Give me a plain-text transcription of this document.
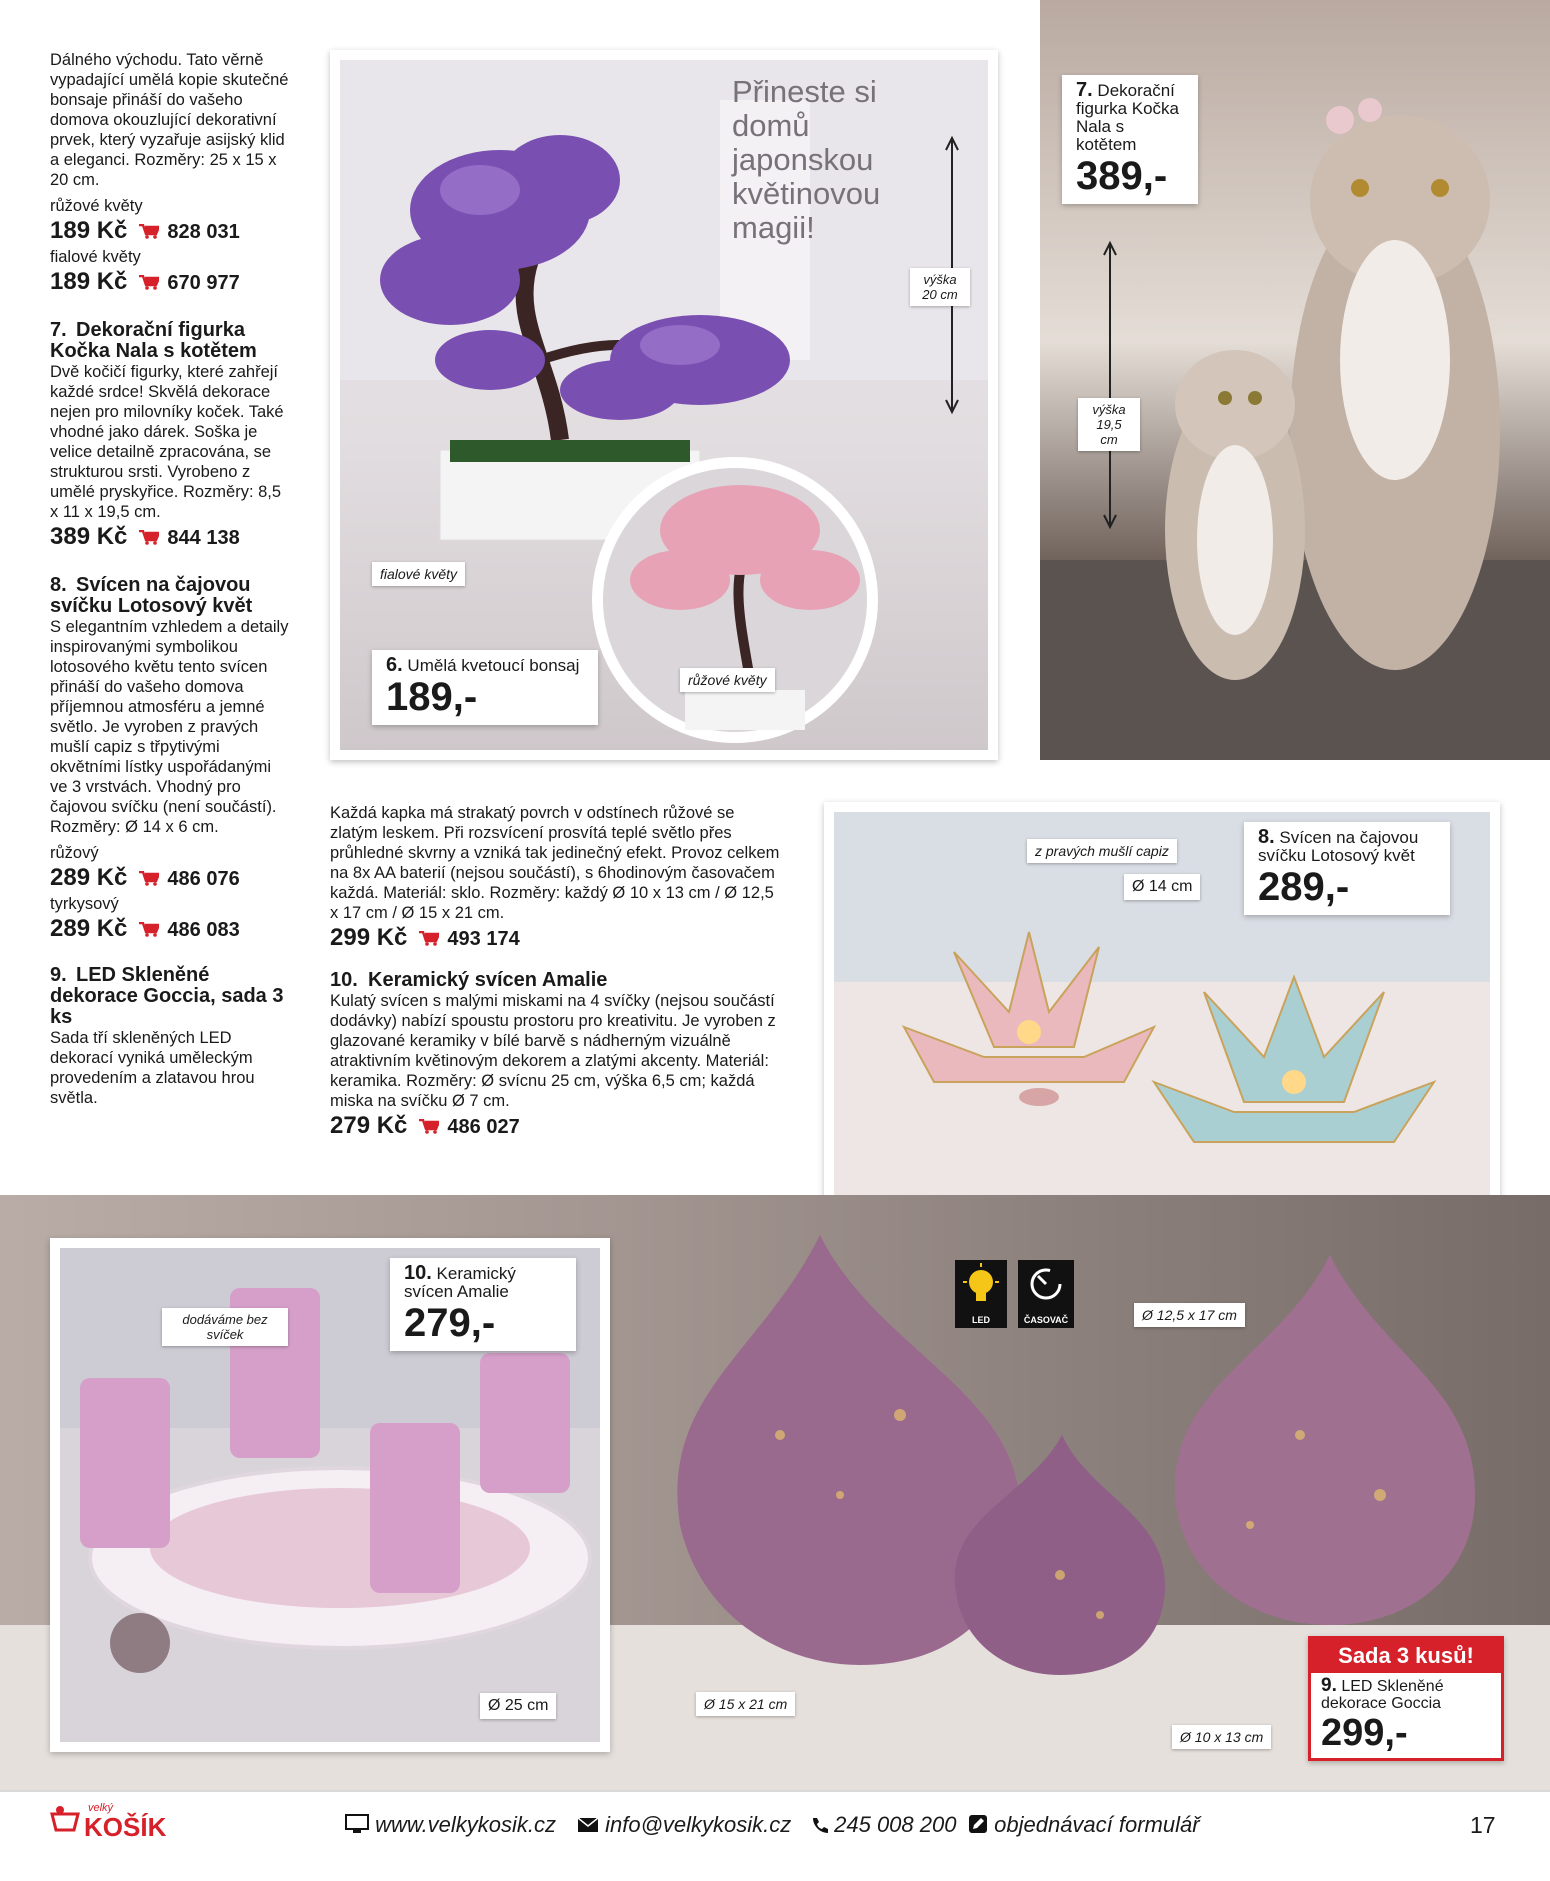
Dálného východu. Tato věrně vypadající umělá kopie skutečné bonsaje přináší do vašeho domova okouzlující dekorativní prvek, který vyzařuje asijský klid a eleganci. Rozměry: 25 x 15 x 20 cm.

růžové květy

189 Kč 828 031

fialové květy

189 Kč 670 977

7. Dekorační figurka Kočka Nala s kotětem

Dvě kočičí figurky, které zahřejí každé srdce! Skvělá dekorace nejen pro milovníky koček. Také vhodné jako dárek. Soška je velice detailně zpracována, se strukturou srsti. Vyrobeno z umělé pryskyřice. Rozměry: 8,5 x 11 x 19,5 cm.

389 Kč 844 138

8. Svícen na čajovou svíčku Lotosový květ

S elegantním vzhledem a detaily inspirovanými symbolikou lotosového květu tento svícen přináší do vašeho domova příjemnou atmosféru a jemné světlo. Je vyroben z pravých mušlí capiz s třpytivými okvětními lístky uspořádanými ve 3 vrstvách. Vhodný pro čajovou svíčku (není součástí). Rozměry: Ø 14 x 6 cm.

růžový

289 Kč 486 076

tyrkysový

289 Kč 486 083

9. LED Skleněné dekorace Goccia, sada 3 ks

Sada tří skleněných LED dekorací vyniká uměleckým provedením a zlatavou hrou světla.

Přineste si domů japonskou květinovou magii!
výška 20 cm
fialové květy
růžové květy
6. Umělá kvetoucí bonsaj
189,-
7. Dekorační figurka Kočka Nala s kotětem
389,-
výška 19,5 cm

Každá kapka má strakatý povrch v odstínech růžové se zlatým leskem. Při rozsvícení prosvítá teplé světlo přes průhledné skvrny a vzniká tak jedinečný efekt. Provoz celkem na 8x AA baterií (nejsou součástí), s 6hodinovým časovačem každá. Materiál: sklo. Rozměry: každý Ø 10 x 13 cm / Ø 12,5 x 17 cm / Ø 15 x 21 cm.

299 Kč 493 174

10. Keramický svícen Amalie

Kulatý svícen s malými miskami na 4 svíčky (nejsou součástí dodávky) nabízí spoustu prostoru pro kreativitu. Je vyroben z glazované keramiky v bílé barvě s nádherným vizuálně atraktivním květinovým dekorem a zlatými akcenty. Materiál: keramika. Rozměry: Ø svícnu 25 cm, výška 6,5 cm; každá miska na svíčku Ø 7 cm.

279 Kč 486 027
z pravých mušlí capiz
Ø 14 cm
8. Svícen na čajovou svíčku Lotosový květ
289,-
dodáváme bez svíček
Ø 25 cm
10. Keramický svícen Amalie
279,-	LED	ČASOVAČ	Ø 12,5 x 17 cm
Ø 15 x 21 cm
Ø 10 x 13 cm
Sada 3 kusů!
9. LED Skleněné dekorace Goccia
299,-
velký
KOŠÍK	www.velkykosik.cz	info@velkykosik.cz	245 008 200	objednávací formulář	17
